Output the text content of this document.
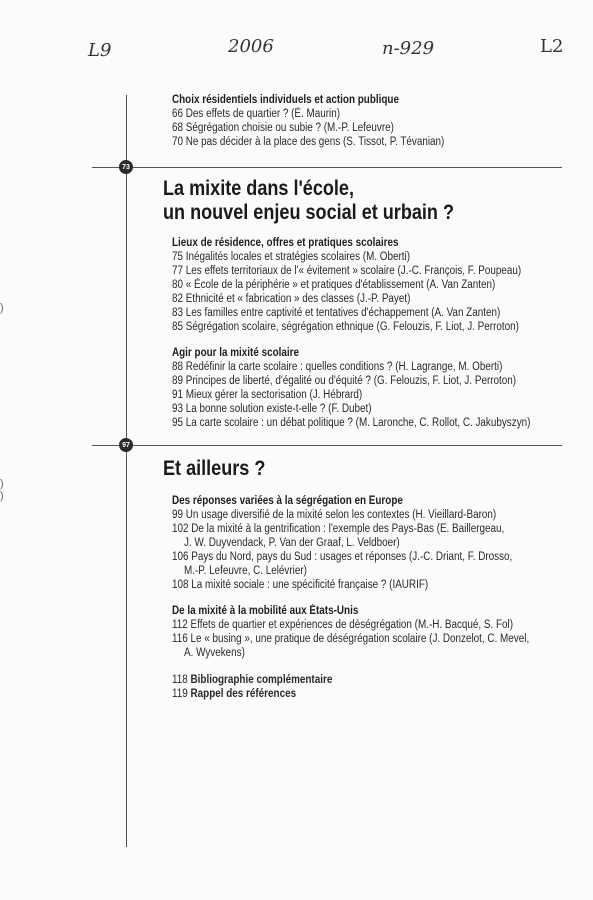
L9	2006	n-929	L2
73
97
Choix résidentiels individuels et action publique
66 Des effets de quartier ? (É. Maurin)
68 Ségrégation choisie ou subie ? (M.-P. Lefeuvre)
70 Ne pas décider à la place des gens (S. Tissot, P. Tévanian)
La mixite dans l'école,
un nouvel enjeu social et urbain ?
Lieux de résidence, offres et pratiques scolaires
75 Inégalités locales et stratégies scolaires (M. Oberti)
77 Les effets territoriaux de l'« évitement » scolaire (J.-C. François, F. Poupeau)
80 « École de la périphérie » et pratiques d'établissement (A. Van Zanten)
82 Ethnicité et « fabrication » des classes (J.-P. Payet)
83 Les familles entre captivité et tentatives d'échappement (A. Van Zanten)
85 Ségrégation scolaire, ségrégation ethnique (G. Felouzis, F. Liot, J. Perroton)
Agir pour la mixité scolaire
88 Redéfinir la carte scolaire : quelles conditions ? (H. Lagrange, M. Oberti)
89 Principes de liberté, d'égalité ou d'équité ? (G. Felouzis, F. Liot, J. Perroton)
91 Mieux gérer la sectorisation (J. Hébrard)
93 La bonne solution existe-t-elle ? (F. Dubet)
95 La carte scolaire : un débat politique ? (M. Laronche, C. Rollot, C. Jakubyszyn)
Et ailleurs ?
Des réponses variées à la ségrégation en Europe
99 Un usage diversifié de la mixité selon les contextes (H. Vieillard-Baron)
102 De la mixité à la gentrification : l'exemple des Pays-Bas (E. Baillergeau,
J. W. Duyvendack, P. Van der Graaf, L. Veldboer)
106 Pays du Nord, pays du Sud : usages et réponses (J.-C. Driant, F. Drosso,
M.-P. Lefeuvre, C. Lelévrier)
108 La mixité sociale : une spécificité française ? (IAURIF)
De la mixité à la mobilité aux États-Unis
112 Effets de quartier et expériences de déségrégation (M.-H. Bacqué, S. Fol)
116 Le « busing », une pratique de déségrégation scolaire (J. Donzelot, C. Mevel,
A. Wyvekens)
118 Bibliographie complémentaire
119 Rappel des références
)
)
)
